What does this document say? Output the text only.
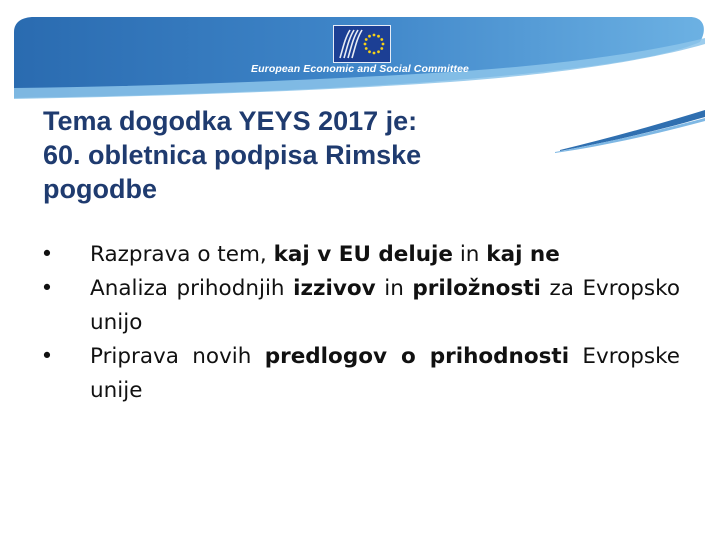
European Economic and Social Committee
Tema dogodka YEYS 2017 je:
60. obletnica podpisa Rimske
pogodbe
• Razprava o tem, kaj v EU deluje in kaj ne
• Analiza prihodnjih izzivov in priložnosti za Evropsko unijo
• Priprava novih predlogov o prihodnosti Evropske unije
